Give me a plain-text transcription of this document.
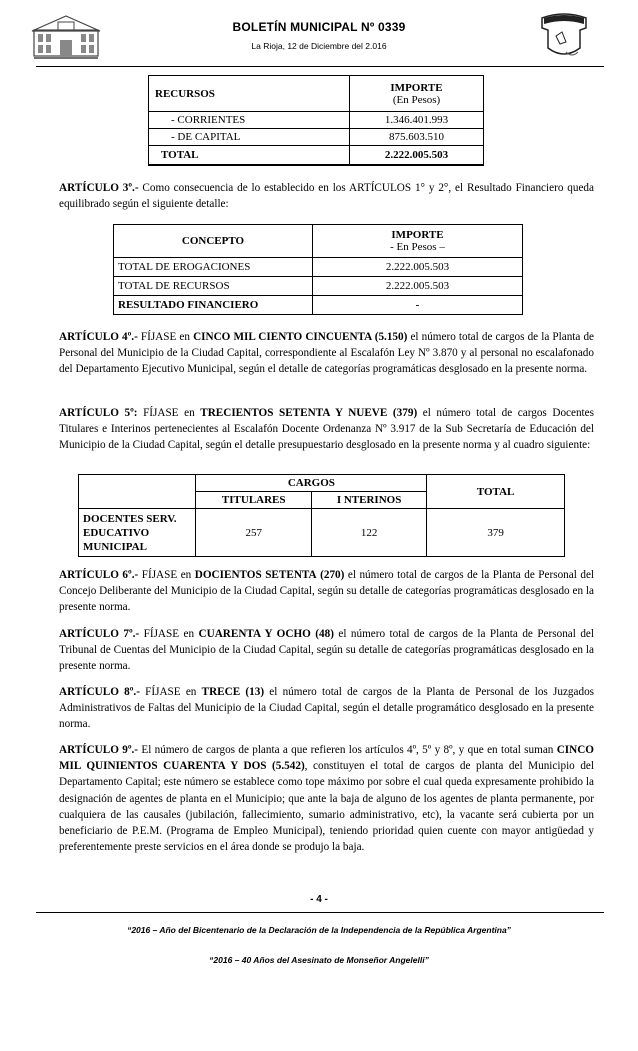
BOLETÍN MUNICIPAL Nº 0339
La Rioja, 12 de Diciembre del 2.016
RECURSOS	IMPORTE
(En Pesos)

- CORRIENTES	1.346.401.993
- DE CAPITAL	875.603.510
TOTAL	2.222.005.503
ARTÍCULO 3º.- Como consecuencia de lo establecido en los ARTÍCULOS 1° y 2°, el Resultado Financiero queda equilibrado según el siguiente detalle:
CONCEPTO	IMPORTE
- En Pesos –

TOTAL DE EROGACIONES	2.222.005.503
TOTAL DE RECURSOS	2.222.005.503
RESULTADO FINANCIERO	-
ARTÍCULO 4º.- FÍJASE en CINCO MIL CIENTO CINCUENTA (5.150) el número total de cargos de la Planta de Personal del Municipio de la Ciudad Capital, correspondiente al Escalafón Ley Nº 3.870 y al personal no escalafonado del Departamento Ejecutivo Municipal, según el detalle de categorías programáticas desglosado en la presente norma.
ARTÍCULO 5º: FÍJASE en TRECIENTOS SETENTA Y NUEVE (379) el número total de cargos Docentes Titulares e Interinos pertenecientes al Escalafón Docente Ordenanza Nº 3.917 de la Sub Secretaría de Educación del Municipio de la Ciudad Capital, según el detalle presupuestario desglosado en la presente norma y al cuadro siguiente:
	CARGOS		TOTAL
	TITULARES	I NTERINOS	

DOCENTES SERV.
EDUCATIVO
MUNICIPAL	257	122	379
ARTÍCULO 6º.- FÍJASE en DOCIENTOS SETENTA (270) el número total de cargos de la Planta de Personal del Concejo Deliberante del Municipio de la Ciudad Capital, según su detalle de categorías programáticas desglosado en la presente norma.
ARTÍCULO 7º.- FÍJASE en CUARENTA Y OCHO (48) el número total de cargos de la Planta de Personal del Tribunal de Cuentas del Municipio de la Ciudad Capital, según su detalle de categorías programáticas desglosado en la presente norma.
ARTÍCULO 8º.- FÍJASE en TRECE (13) el número total de cargos de la Planta de Personal de los Juzgados Administrativos de Faltas del Municipio de la Ciudad Capital, según el detalle programático desglosado en la presente norma.
ARTÍCULO 9º.- El número de cargos de planta a que refieren los artículos 4º, 5º y 8º, y que en total suman CINCO MIL QUINIENTOS CUARENTA Y DOS (5.542), constituyen el total de cargos de planta del Municipio del Departamento Capital; este número se establece como tope máximo por sobre el cual queda expresamente prohibido la designación de agentes de planta en el Municipio; que ante la baja de alguno de los agentes de planta permanente, por cualquiera de las causales (jubilación, fallecimiento, sumario administrativo, etc), la vacante será cubierta por un beneficiario de P.E.M. (Programa de Empleo Municipal), teniendo prioridad quien cuente con mayor antigüedad y preferentemente preste servicios en el área donde se produjo la baja.
- 4 -
“2016 – Año del Bicentenario de la Declaración de la Independencia de la República Argentina”
“2016 – 40 Años del Asesinato de Monseñor Angelelli”
